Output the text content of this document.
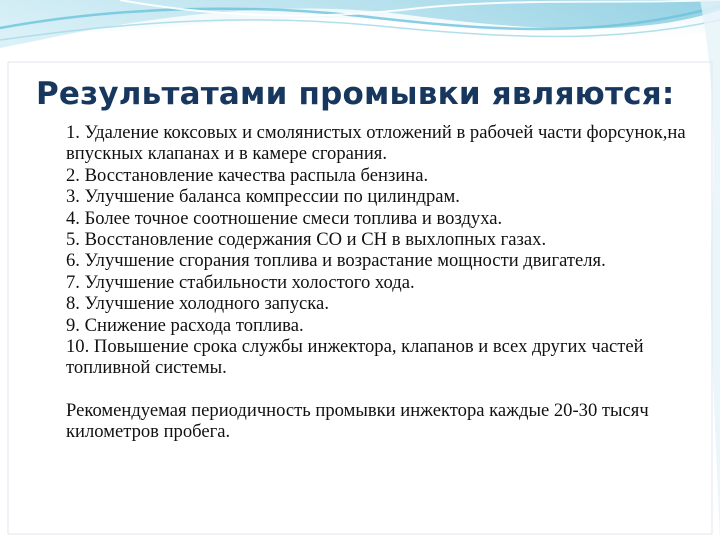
Результатами промывки являются:
1. Удаление коксовых и смолянистых отложений в рабочей части форсунок,на впускных клапанах и в камере сгорания.
2. Восстановление качества распыла бензина.
3. Улучшение баланса компрессии по цилиндрам.
4. Более точное соотношение смеси топлива и воздуха.
5. Восстановление содержания СО и СН в выхлопных газах.
6. Улучшение сгорания топлива и возрастание мощности двигателя.
7. Улучшение стабильности холостого хода.
8. Улучшение холодного запуска.
9. Снижение расхода топлива.
10. Повышение срока службы инжектора, клапанов и всех других частей топливной системы.

Рекомендуемая периодичность промывки инжектора каждые 20-30 тысяч километров пробега.
